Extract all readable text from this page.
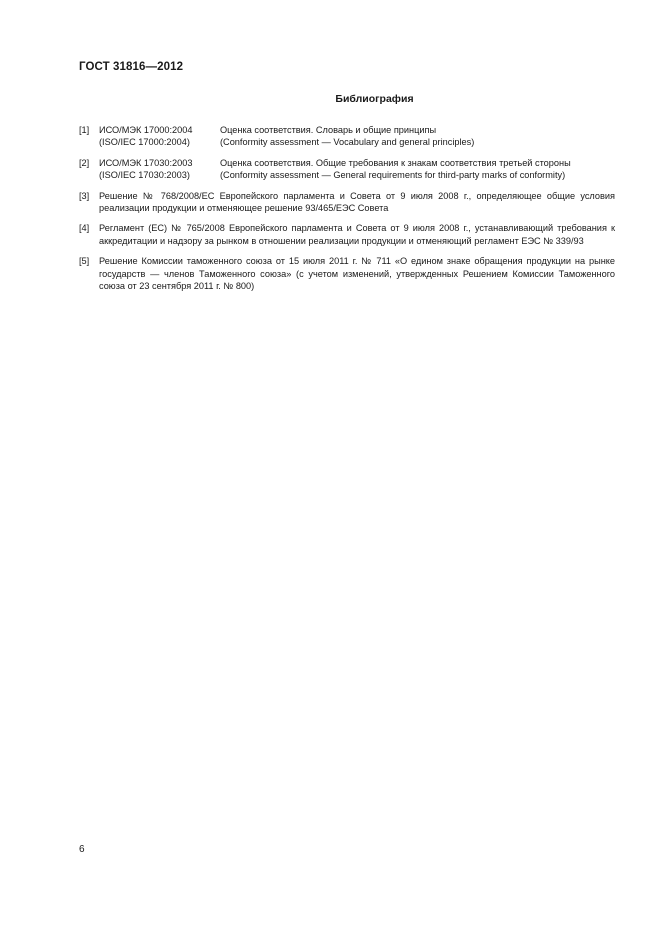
ГОСТ 31816—2012
Библиография
[1]	ИСО/МЭК 17000:2004	Оценка соответствия. Словарь и общие принципы
(ISO/IEC 17000:2004)	(Conformity assessment — Vocabulary and general principles)
[2]	ИСО/МЭК 17030:2003	Оценка соответствия. Общие требования к знакам соответствия третьей стороны
(ISO/IEC 17030:2003)	(Conformity assessment — General requirements for third-party marks of conformity)
[3]	Решение № 768/2008/ЕС Европейского парламента и Совета от 9 июля 2008 г., определяющее общие условия реализации продукции и отменяющее решение 93/465/ЕЭС Совета
[4]	Регламент (ЕС) № 765/2008 Европейского парламента и Совета от 9 июля 2008 г., устанавливающий требования к аккредитации и надзору за рынком в отношении реализации продукции и отменяющий регламент ЕЭС № 339/93
[5]	Решение Комиссии таможенного союза от 15 июля 2011 г. № 711 «О едином знаке обращения продукции на рынке государств — членов Таможенного союза» (с учетом изменений, утвержденных Решением Комиссии Таможенного союза от 23 сентября 2011 г. № 800)
6
